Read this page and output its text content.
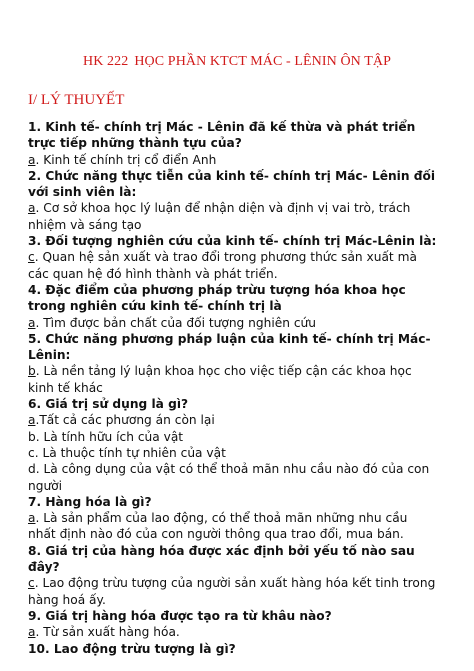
HK 222 HỌC PHẦN KTCT MÁC - LÊNIN ÔN TẬP
I/ LÝ THUYẾT
1. Kinh tế- chính trị Mác - Lênin đã kế thừa và phát triển
trực tiếp những thành tựu của?
a. Kinh tế chính trị cổ điển Anh
2. Chức năng thực tiễn của kinh tế- chính trị Mác- Lênin đối
với sinh viên là:
a. Cơ sở khoa học lý luận để nhận diện và định vị vai trò, trách
nhiệm và sáng tạo
3. Đối tượng nghiên cứu của kinh tế- chính trị Mác-Lênin là:
c. Quan hệ sản xuất và trao đổi trong phương thức sản xuất mà
các quan hệ đó hình thành và phát triển.
4. Đặc điểm của phương pháp trừu tượng hóa khoa học
trong nghiên cứu kinh tế- chính trị là
a. Tìm được bản chất của đối tượng nghiên cứu
5. Chức năng phương pháp luận của kinh tế- chính trị Mác-
Lênin:
b. Là nền tảng lý luận khoa học cho việc tiếp cận các khoa học
kinh tế khác
6. Giá trị sử dụng là gì?
a.Tất cả các phương án còn lại
b. Là tính hữu ích của vật
c. Là thuộc tính tự nhiên của vật
d. Là công dụng của vật có thể thoả mãn nhu cầu nào đó của con
người
7. Hàng hóa là gì?
a. Là sản phẩm của lao động, có thể thoả mãn những nhu cầu
nhất định nào đó của con người thông qua trao đổi, mua bán.
8. Giá trị của hàng hóa được xác định bởi yếu tố nào sau
đây?
c. Lao động trừu tượng của người sản xuất hàng hóa kết tinh trong
hàng hoá ấy.
9. Giá trị hàng hóa được tạo ra từ khâu nào?
a. Từ sản xuất hàng hóa.
10. Lao động trừu tượng là gì?
